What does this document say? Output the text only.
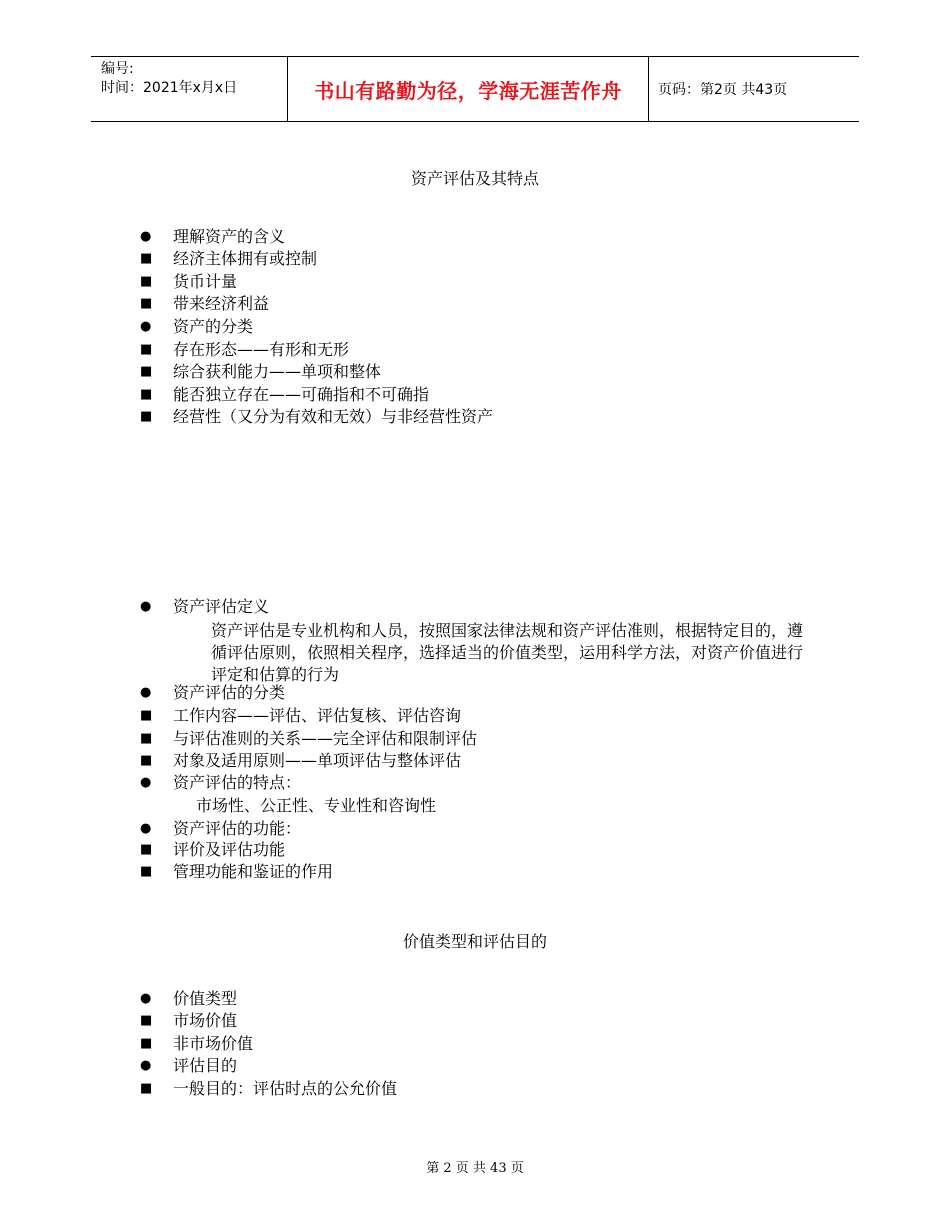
编号:
时间：2021年x月x日	书山有路勤为径，学海无涯苦作舟	页码：第2页 共43页
资产评估及其特点
● 理解资产的含义
■ 经济主体拥有或控制
■ 货币计量
■ 带来经济利益
● 资产的分类
■ 存在形态——有形和无形
■ 综合获利能力——单项和整体
■ 能否独立存在——可确指和不可确指
■ 经营性（又分为有效和无效）与非经营性资产
● 资产评估定义
资产评估是专业机构和人员，按照国家法律法规和资产评估准则，根据特定目的，遵循评估原则，依照相关程序，选择适当的价值类型，运用科学方法，对资产价值进行评定和估算的行为
● 资产评估的分类
■ 工作内容——评估、评估复核、评估咨询
■ 与评估准则的关系——完全评估和限制评估
■ 对象及适用原则——单项评估与整体评估
● 资产评估的特点：
市场性、公正性、专业性和咨询性
● 资产评估的功能：
■ 评价及评估功能
■ 管理功能和鉴证的作用
价值类型和评估目的
● 价值类型
■ 市场价值
■ 非市场价值
● 评估目的
■ 一般目的：评估时点的公允价值
第 2 页 共 43 页
